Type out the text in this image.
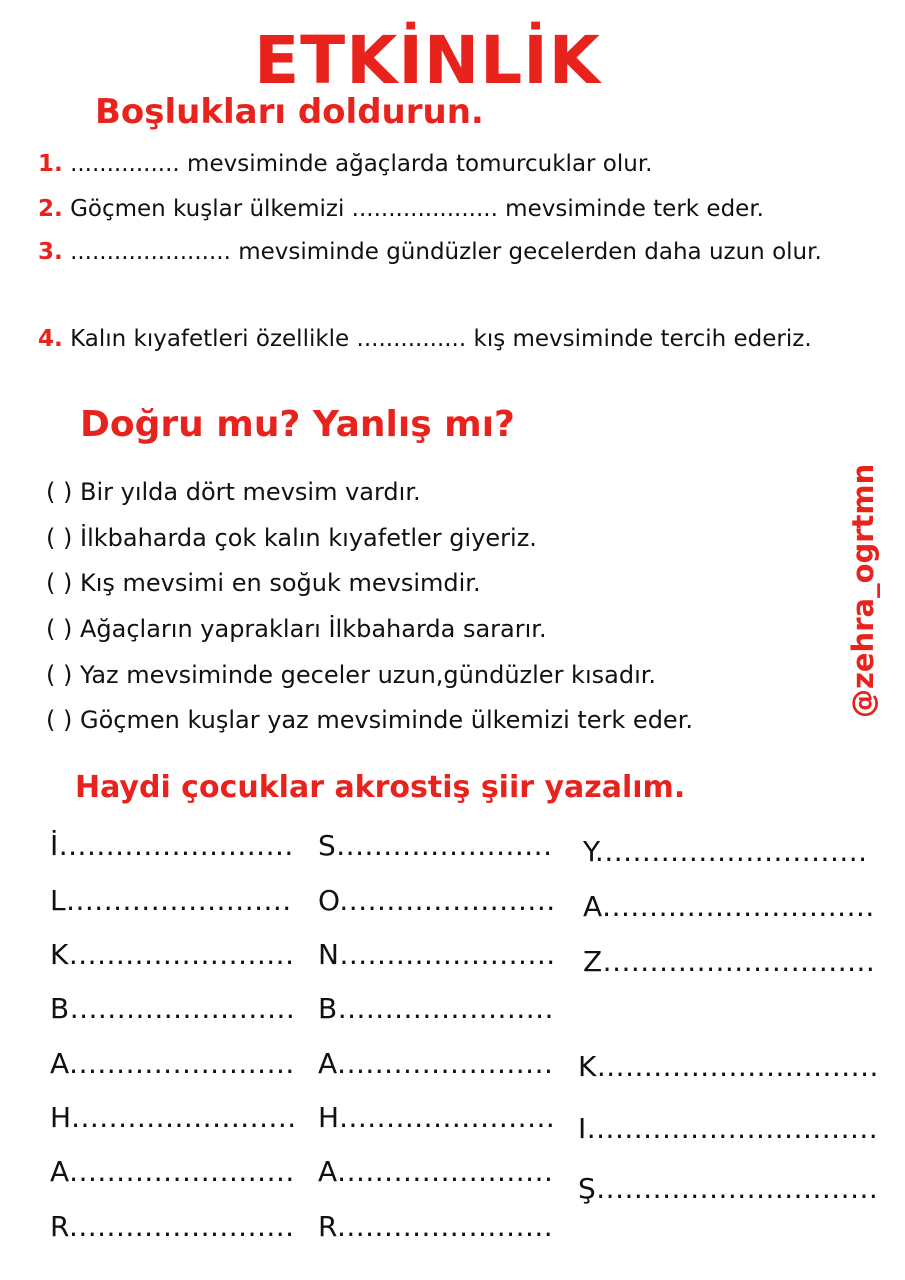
ETKİNLİK
Boşlukları doldurun.
1. ............... mevsiminde ağaçlarda tomurcuklar olur.
2. Göçmen kuşlar ülkemizi .................... mevsiminde terk eder.
3. ...................... mevsiminde gündüzler gecelerden daha uzun olur.
4. Kalın kıyafetleri özellikle ............... kış mevsiminde tercih ederiz.
Doğru mu? Yanlış mı?
( ) Bir yılda dört mevsim vardır.
( ) İlkbaharda çok kalın kıyafetler giyeriz.
( ) Kış mevsimi en soğuk mevsimdir.
( ) Ağaçların yaprakları İlkbaharda sararır.
( ) Yaz mevsiminde geceler uzun,gündüzler kısadır.
( ) Göçmen kuşlar yaz mevsiminde ülkemizi terk eder.
@zehra_ogrtmn
Haydi çocuklar akrostiş şiir yazalım.
İ.........................
L........................
K........................
B........................
A........................
H........................
A........................
R........................
S.......................
O.......................
N.......................
B.......................
A.......................
H.......................
A.......................
R.......................
Y.............................
A.............................
Z.............................
K..............................
I...............................
Ş..............................
